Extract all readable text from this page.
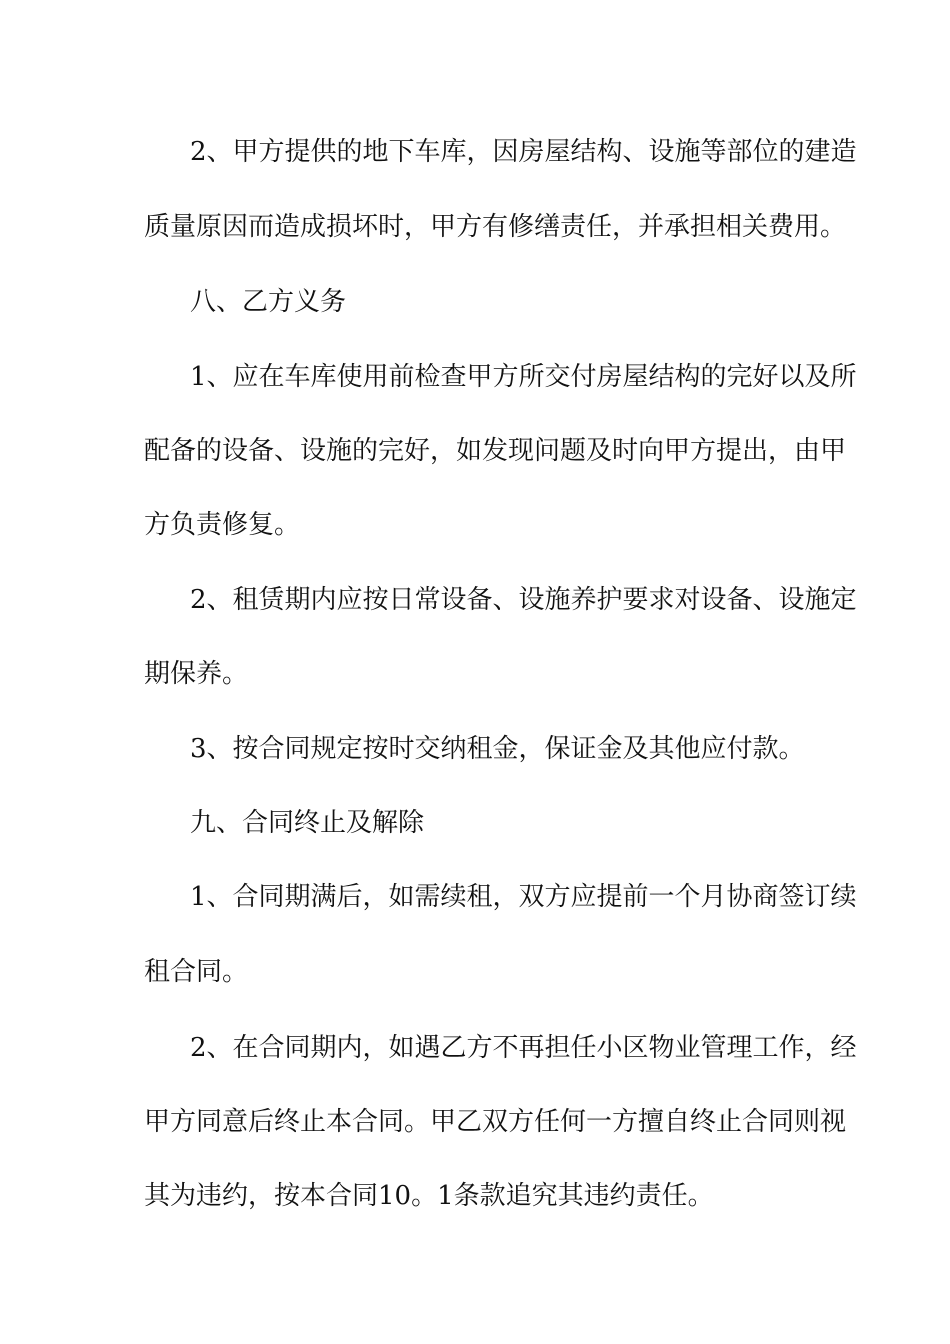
2、甲方提供的地下车库，因房屋结构、设施等部位的建造
质量原因而造成损坏时，甲方有修缮责任，并承担相关费用。
八、乙方义务
1、应在车库使用前检查甲方所交付房屋结构的完好以及所
配备的设备、设施的完好，如发现问题及时向甲方提出，由甲
方负责修复。
2、租赁期内应按日常设备、设施养护要求对设备、设施定
期保养。
3、按合同规定按时交纳租金，保证金及其他应付款。
九、合同终止及解除
1、合同期满后，如需续租，双方应提前一个月协商签订续
租合同。
2、在合同期内，如遇乙方不再担任小区物业管理工作，经
甲方同意后终止本合同。甲乙双方任何一方擅自终止合同则视
其为违约，按本合同10。1条款追究其违约责任。
